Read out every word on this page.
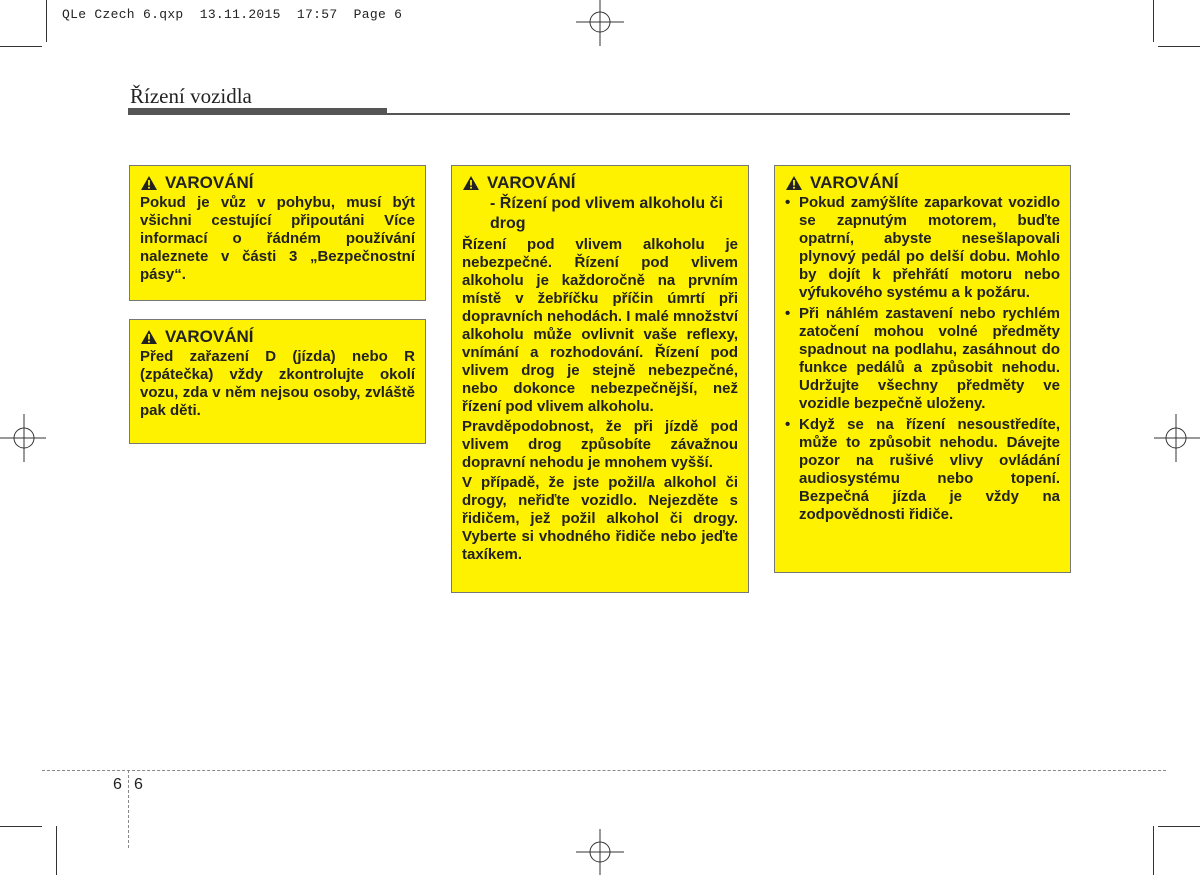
QLe Czech 6.qxp  13.11.2015  17:57  Page 6
Řízení vozidla
VAROVÁNÍ
Pokud je vůz v pohybu, musí být všichni cestující připoutáni Více informací o řádném používání naleznete v části 3 „Bezpečnostní pásy“.
VAROVÁNÍ
Před zařazení D (jízda) nebo R (zpátečka) vždy zkontrolujte okolí vozu, zda v něm nejsou osoby, zvláště pak děti.
VAROVÁNÍ
- Řízení pod vlivem alkoholu či drog
Řízení pod vlivem alkoholu je nebezpečné. Řízení pod vlivem alkoholu je každoročně na prvním místě v žebříčku příčin úmrtí při dopravních nehodách. I malé množství alkoholu může ovlivnit vaše reflexy, vnímání a rozhodování. Řízení pod vlivem drog je stejně nebezpečné, nebo dokonce nebezpečnější, než řízení pod vlivem alkoholu.
Pravděpodobnost, že při jízdě pod vlivem drog způsobíte závažnou dopravní nehodu je mnohem vyšší.
V případě, že jste požil/a alkohol či drogy, neřiďte vozidlo. Nejezděte s řidičem, jež požil alkohol či drogy. Vyberte si vhodného řidiče nebo jeďte taxíkem.
VAROVÁNÍ
• Pokud zamýšlíte zaparkovat vozidlo se zapnutým motorem, buďte opatrní, abyste nesešlapovali plynový pedál po delší dobu. Mohlo by dojít k přehřátí motoru nebo výfukového systému a k požáru.
• Při náhlém zastavení nebo rychlém zatočení mohou volné předměty spadnout na podlahu, zasáhnout do funkce pedálů a způsobit nehodu. Udržujte všechny předměty ve vozidle bezpečně uloženy.
• Když se na řízení nesoustředíte, může to způsobit nehodu. Dávejte pozor na rušivé vlivy ovládání audiosystému nebo topení. Bezpečná jízda je vždy na zodpovědnosti řidiče.
6 6
